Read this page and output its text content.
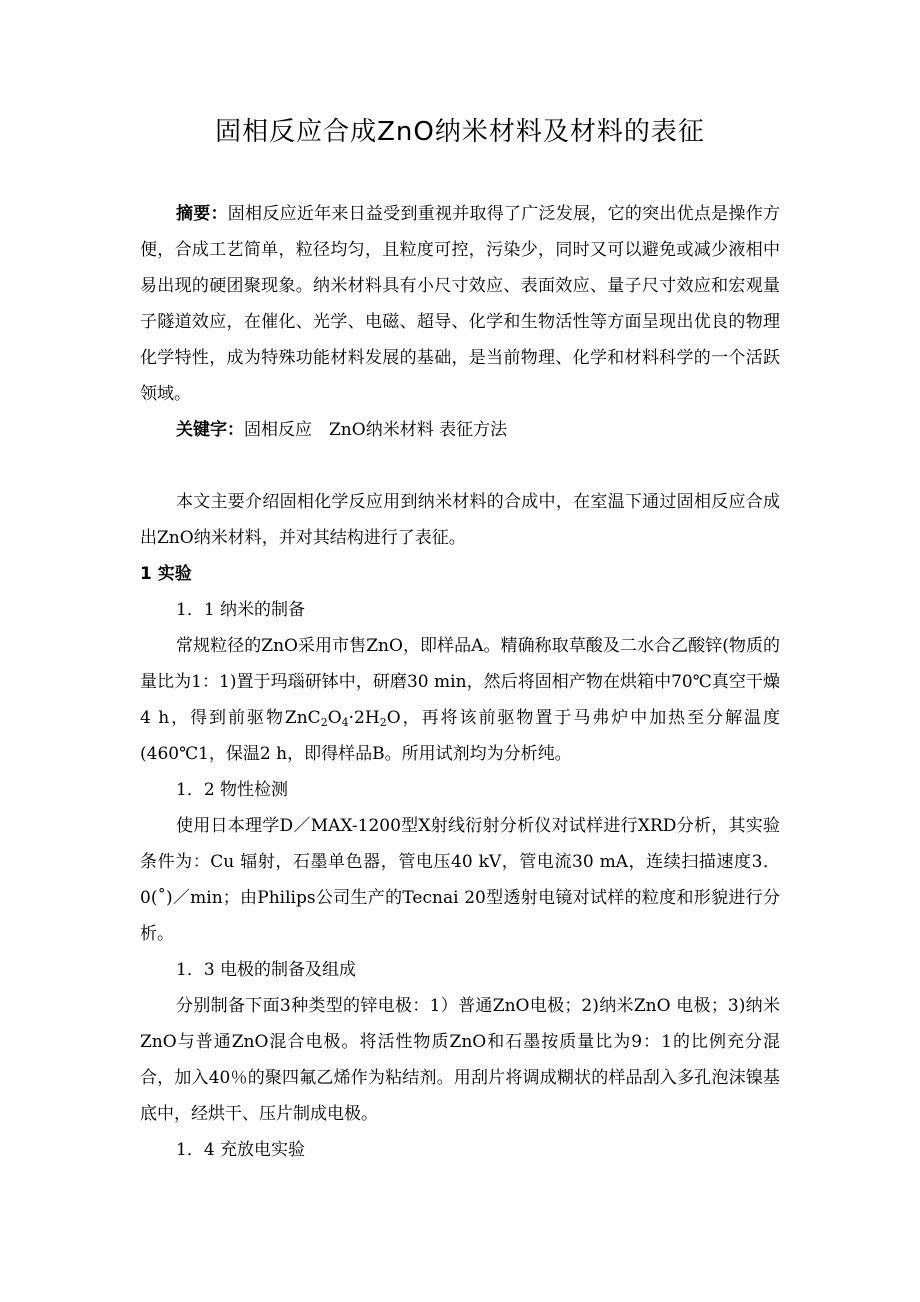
固相反应合成ZnO纳米材料及材料的表征

摘要：固相反应近年来日益受到重视并取得了广泛发展，它的突出优点是操作方便，合成工艺简单，粒径均匀，且粒度可控，污染少，同时又可以避免或减少液相中易出现的硬团聚现象。纳米材料具有小尺寸效应、表面效应、量子尺寸效应和宏观量子隧道效应，在催化、光学、电磁、超导、化学和生物活性等方面呈现出优良的物理化学特性，成为特殊功能材料发展的基础，是当前物理、化学和材料科学的一个活跃领域。

关键字：固相反应　ZnO纳米材料 表征方法

本文主要介绍固相化学反应用到纳米材料的合成中，在室温下通过固相反应合成出ZnO纳米材料，并对其结构进行了表征。

1 实验

1．1 纳米的制备

常规粒径的ZnO采用市售ZnO，即样品A。精确称取草酸及二水合乙酸锌(物质的量比为1：1)置于玛瑙研钵中，研磨30 min，然后将固相产物在烘箱中70℃真空干燥4 h，得到前驱物$ZnC_2O_4\cdot 2H_2O$，再将该前驱物置于马弗炉中加热至分解温度(460℃1，保温2 h，即得样品B。所用试剂均为分析纯。

1．2 物性检测

使用日本理学D／MAX-1200型X射线衍射分析仪对试样进行XRD分析，其实验条件为：Cu 辐射，石墨单色器，管电压40 kV，管电流30 mA，连续扫描速度3．0(˚)／min；由Philips公司生产的Tecnai 20型透射电镜对试样的粒度和形貌进行分析。

1．3 电极的制备及组成

分别制备下面3种类型的锌电极：1）普通ZnO电极；2)纳米ZnO 电极；3)纳米ZnO与普通ZnO混合电极。将活性物质ZnO和石墨按质量比为9：1的比例充分混合，加入40％的聚四氟乙烯作为粘结剂。用刮片将调成糊状的样品刮入多孔泡沫镍基底中，经烘干、压片制成电极。

1．4 充放电实验
